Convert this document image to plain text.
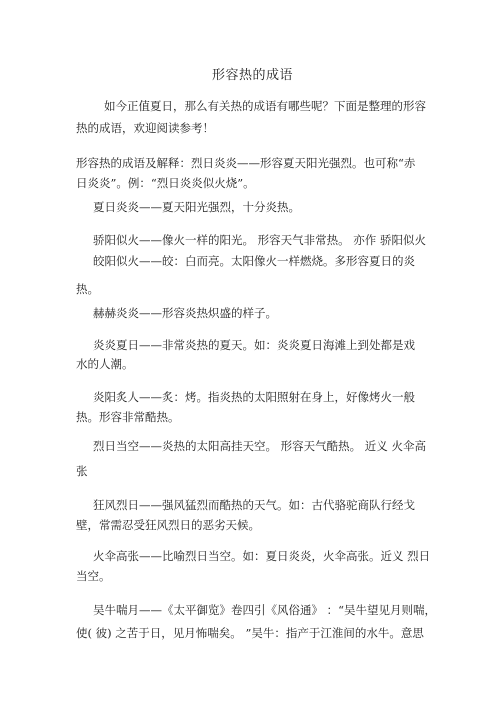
形容热的成语
如今正值夏日，那么有关热的成语有哪些呢？下面是整理的形容
热的成语，欢迎阅读参考！
形容热的成语及解释：烈日炎炎——形容夏天阳光强烈。也可称“赤
日炎炎”。例：“烈日炎炎似火烧”。
夏日炎炎——夏天阳光强烈，十分炎热。
骄阳似火——像火一样的阳光。 形容天气非常热。 亦作 骄阳似火
皎阳似火——皎：白而亮。太阳像火一样燃烧。多形容夏日的炎
热。
赫赫炎炎——形容炎热炽盛的样子。
炎炎夏日——非常炎热的夏天。如：炎炎夏日海滩上到处都是戏
水的人潮。
炎阳炙人——炙：烤。指炎热的太阳照射在身上，好像烤火一般
热。形容非常酷热。
烈日当空——炎热的太阳高挂天空。 形容天气酷热。 近义 火伞高
张
狂风烈日——强风猛烈而酷热的天气。如：古代骆驼商队行经戈
壁，常需忍受狂风烈日的恶劣天候。
火伞高张——比喻烈日当空。如：夏日炎炎，火伞高张。近义 烈日
当空。
吴牛喘月——《太平御览》卷四引《风俗通》 ：“吴牛望见月则喘，
使( 彼) 之苦于日，见月怖喘矣。 ”吴牛：指产于江淮间的水牛。意思
